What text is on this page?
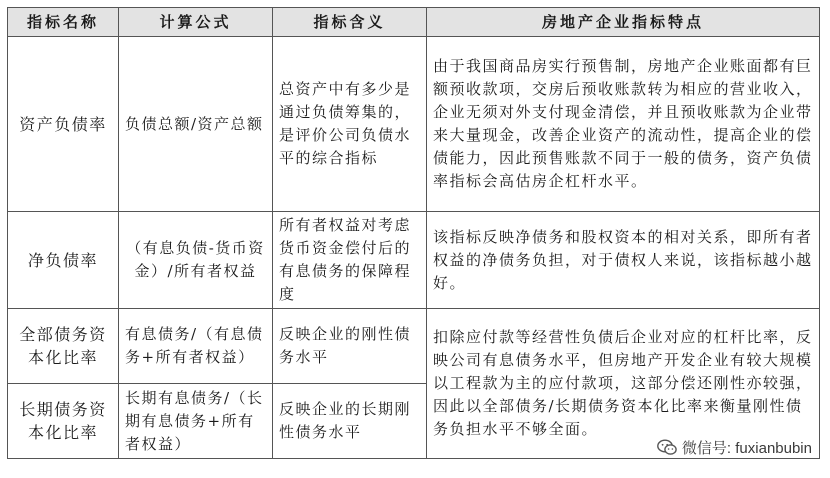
指标名称	计算公式	指标含义	房地产企业指标特点
资产负债率	负债总额/资产总额	总资产中有多少是通过负债筹集的，是评价公司负债水平的综合指标	由于我国商品房实行预售制，房地产企业账面都有巨额预收款项，交房后预收账款转为相应的营业收入，企业无须对外支付现金清偿，并且预收账款为企业带来大量现金，改善企业资产的流动性，提高企业的偿债能力，因此预售账款不同于一般的债务，资产负债率指标会高估房企杠杆水平。
净负债率	（有息负债-货币资金）/所有者权益	所有者权益对考虑货币资金偿付后的有息债务的保障程度	该指标反映净债务和股权资本的相对关系，即所有者权益的净债务负担，对于债权人来说，该指标越小越好。
全部债务资本化比率	有息债务/（有息债务+所有者权益）	反映企业的刚性债务水平	扣除应付款等经营性负债后企业对应的杠杆比率，反映公司有息债务水平，但房地产开发企业有较大规模以工程款为主的应付款项，这部分偿还刚性亦较强，因此以全部债务/长期债务资本化比率来衡量刚性债务负担水平不够全面。
长期债务资本化比率	长期有息债务/（长期有息债务+所有者权益）	反映企业的长期刚性债务水平	
微信号: fuxianbubin
